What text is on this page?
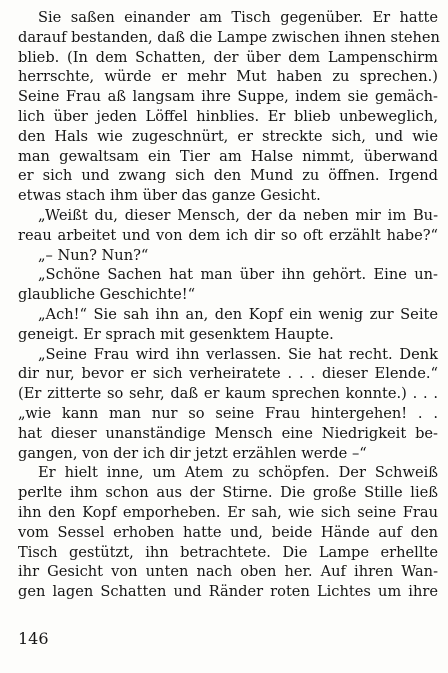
Sie saßen einander am Tisch gegenüber. Er hatte
darauf bestanden, daß die Lampe zwischen ihnen stehen
blieb. (In dem Schatten, der über dem Lampenschirm
herrschte, würde er mehr Mut haben zu sprechen.)
Seine Frau aß langsam ihre Suppe, indem sie gemäch-
lich über jeden Löffel hinblies. Er blieb unbeweglich,
den Hals wie zugeschnürt, er streckte sich, und wie
man gewaltsam ein Tier am Halse nimmt, überwand
er sich und zwang sich den Mund zu öffnen. Irgend
etwas stach ihm über das ganze Gesicht.
„Weißt du, dieser Mensch, der da neben mir im Bu-
reau arbeitet und von dem ich dir so oft erzählt habe?“
„– Nun? Nun?“
„Schöne Sachen hat man über ihn gehört. Eine un-
glaubliche Geschichte!“
„Ach!“ Sie sah ihn an, den Kopf ein wenig zur Seite
geneigt. Er sprach mit gesenktem Haupte.
„Seine Frau wird ihn verlassen. Sie hat recht. Denk
dir nur, bevor er sich verheiratete . . . dieser Elende.“
(Er zitterte so sehr, daß er kaum sprechen konnte.) . . .
„wie kann man nur so seine Frau hintergehen! . .
hat dieser unanständige Mensch eine Niedrigkeit be-
gangen, von der ich dir jetzt erzählen werde –“
Er hielt inne, um Atem zu schöpfen. Der Schweiß
perlte ihm schon aus der Stirne. Die große Stille ließ
ihn den Kopf emporheben. Er sah, wie sich seine Frau
vom Sessel erhoben hatte und, beide Hände auf den
Tisch gestützt, ihn betrachtete. Die Lampe erhellte
ihr Gesicht von unten nach oben her. Auf ihren Wan-
gen lagen Schatten und Ränder roten Lichtes um ihre
146
